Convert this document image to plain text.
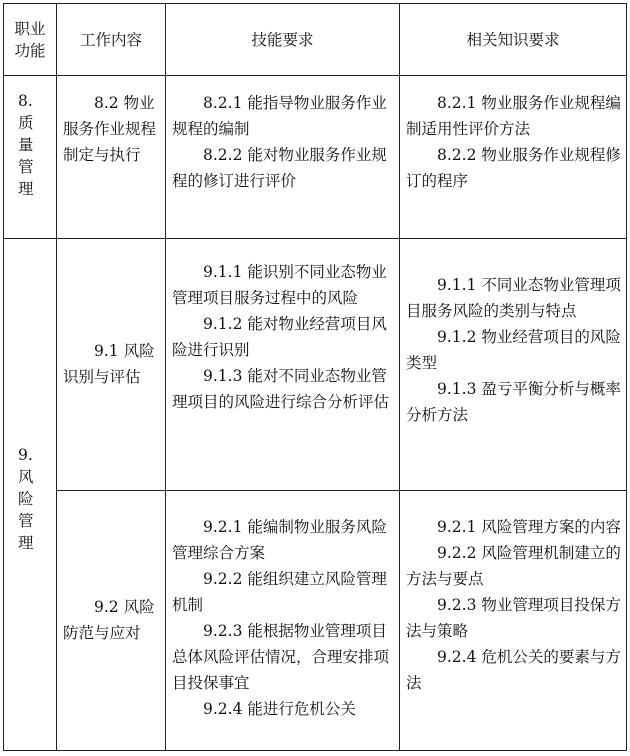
职业
功能
工作内容	技能要求	相关知识要求
8.
质
量
管
理
8.2 物业服务作业规程制定与执行
8.2.1 能指导物业服务作业规程的编制
8.2.2 能对物业服务作业规程的修订进行评价
8.2.1 物业服务作业规程编制适用性评价方法
8.2.2 物业服务作业规程修订的程序
9.
风
险
管
理
9.1 风险识别与评估
9.1.1 能识别不同业态物业管理项目服务过程中的风险
9.1.2 能对物业经营项目风险进行识别
9.1.3 能对不同业态物业管理项目的风险进行综合分析评估
9.1.1 不同业态物业管理项目服务风险的类别与特点
9.1.2 物业经营项目的风险类型
9.1.3 盈亏平衡分析与概率分析方法
9.2 风险防范与应对
9.2.1 能编制物业服务风险管理综合方案
9.2.2 能组织建立风险管理机制
9.2.3 能根据物业管理项目总体风险评估情况，合理安排项目投保事宜
9.2.4 能进行危机公关
9.2.1 风险管理方案的内容
9.2.2 风险管理机制建立的方法与要点
9.2.3 物业管理项目投保方法与策略
9.2.4 危机公关的要素与方法
